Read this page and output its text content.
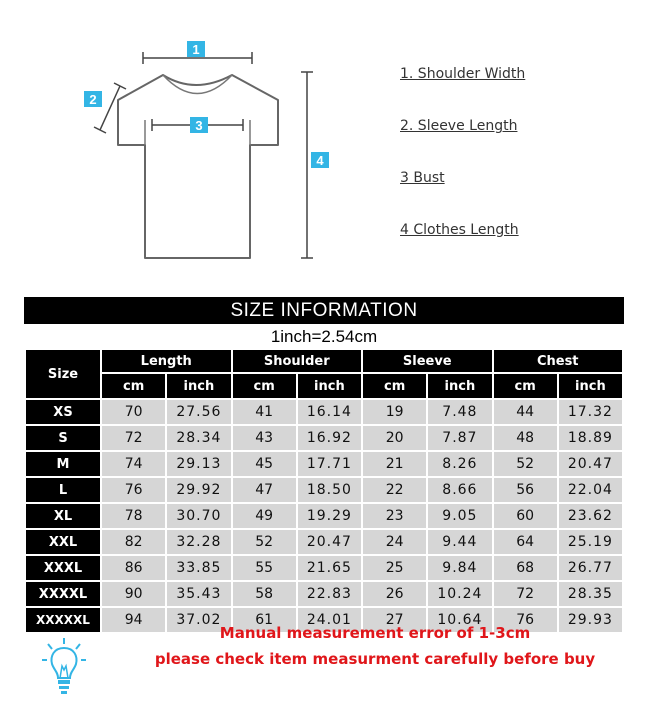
1
2
3
4
1. Shoulder Width
2. Sleeve Length
3 Bust
4 Clothes Length
SIZE INFORMATION
1inch=2.54cm
Size	Length		Shoulder		Sleeve		Chest	
	cm	inch	cm	inch	cm	inch	cm	inch
XS	70	27.56	41	16.14	19	7.48	44	17.32
S	72	28.34	43	16.92	20	7.87	48	18.89
M	74	29.13	45	17.71	21	8.26	52	20.47
L	76	29.92	47	18.50	22	8.66	56	22.04
XL	78	30.70	49	19.29	23	9.05	60	23.62
XXL	82	32.28	52	20.47	24	9.44	64	25.19
XXXL	86	33.85	55	21.65	25	9.84	68	26.77
XXXXL	90	35.43	58	22.83	26	10.24	72	28.35
XXXXXL	94	37.02	61	24.01	27	10.64	76	29.93
Manual measurement error of 1-3cm
please check item measurment carefully before buy
